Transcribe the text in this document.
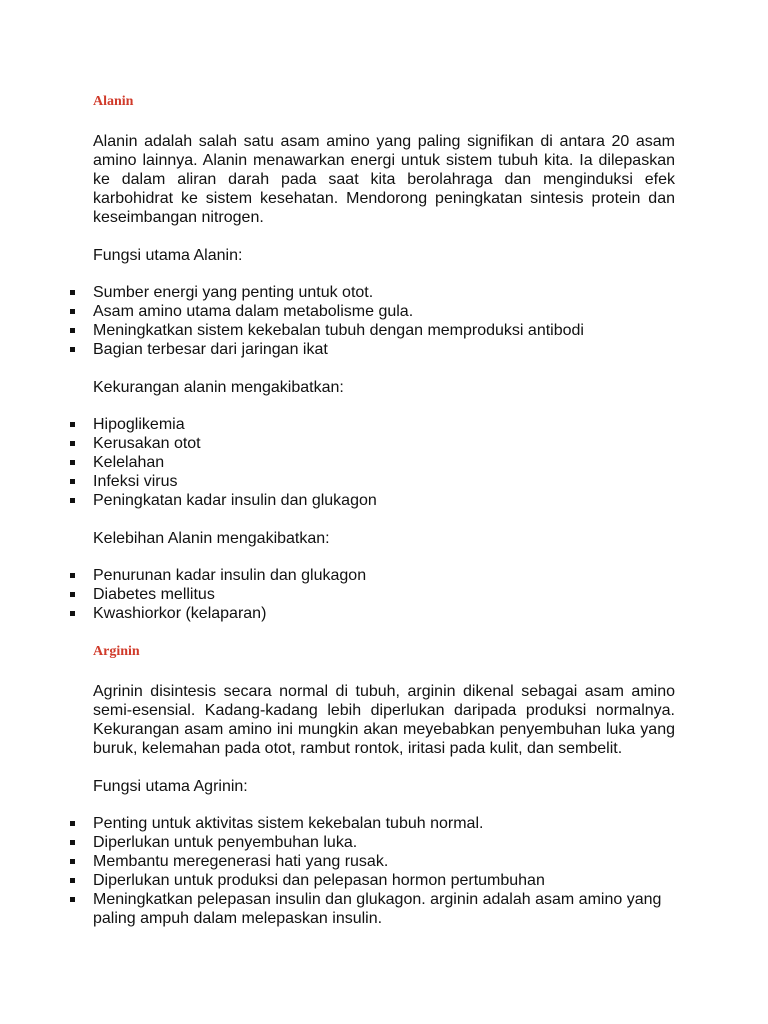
Alanin

Alanin adalah salah satu asam amino yang paling signifikan di antara 20 asam amino lainnya. Alanin menawarkan energi untuk sistem tubuh kita. Ia dilepaskan ke dalam aliran darah pada saat kita berolahraga dan menginduksi efek karbohidrat ke sistem kesehatan. Mendorong peningkatan sintesis protein dan keseimbangan nitrogen.

Fungsi utama Alanin:

Sumber energi yang penting untuk otot.
Asam amino utama dalam metabolisme gula.
Meningkatkan sistem kekebalan tubuh dengan memproduksi antibodi
Bagian terbesar dari jaringan ikat

Kekurangan alanin mengakibatkan:

Hipoglikemia
Kerusakan otot
Kelelahan
Infeksi virus
Peningkatan kadar insulin dan glukagon

Kelebihan Alanin mengakibatkan:

Penurunan kadar insulin dan glukagon
Diabetes mellitus
Kwashiorkor (kelaparan)
Arginin

Agrinin disintesis secara normal di tubuh, arginin dikenal sebagai asam amino semi-esensial. Kadang-kadang lebih diperlukan daripada produksi normalnya. Kekurangan asam amino ini mungkin akan meyebabkan penyembuhan luka yang buruk, kelemahan pada otot, rambut rontok, iritasi pada kulit, dan sembelit.

Fungsi utama Agrinin:

Penting untuk aktivitas sistem kekebalan tubuh normal.
Diperlukan untuk penyembuhan luka.
Membantu meregenerasi hati yang rusak.
Diperlukan untuk produksi dan pelepasan hormon pertumbuhan
Meningkatkan pelepasan insulin dan glukagon. arginin adalah asam amino yang paling ampuh dalam melepaskan insulin.
